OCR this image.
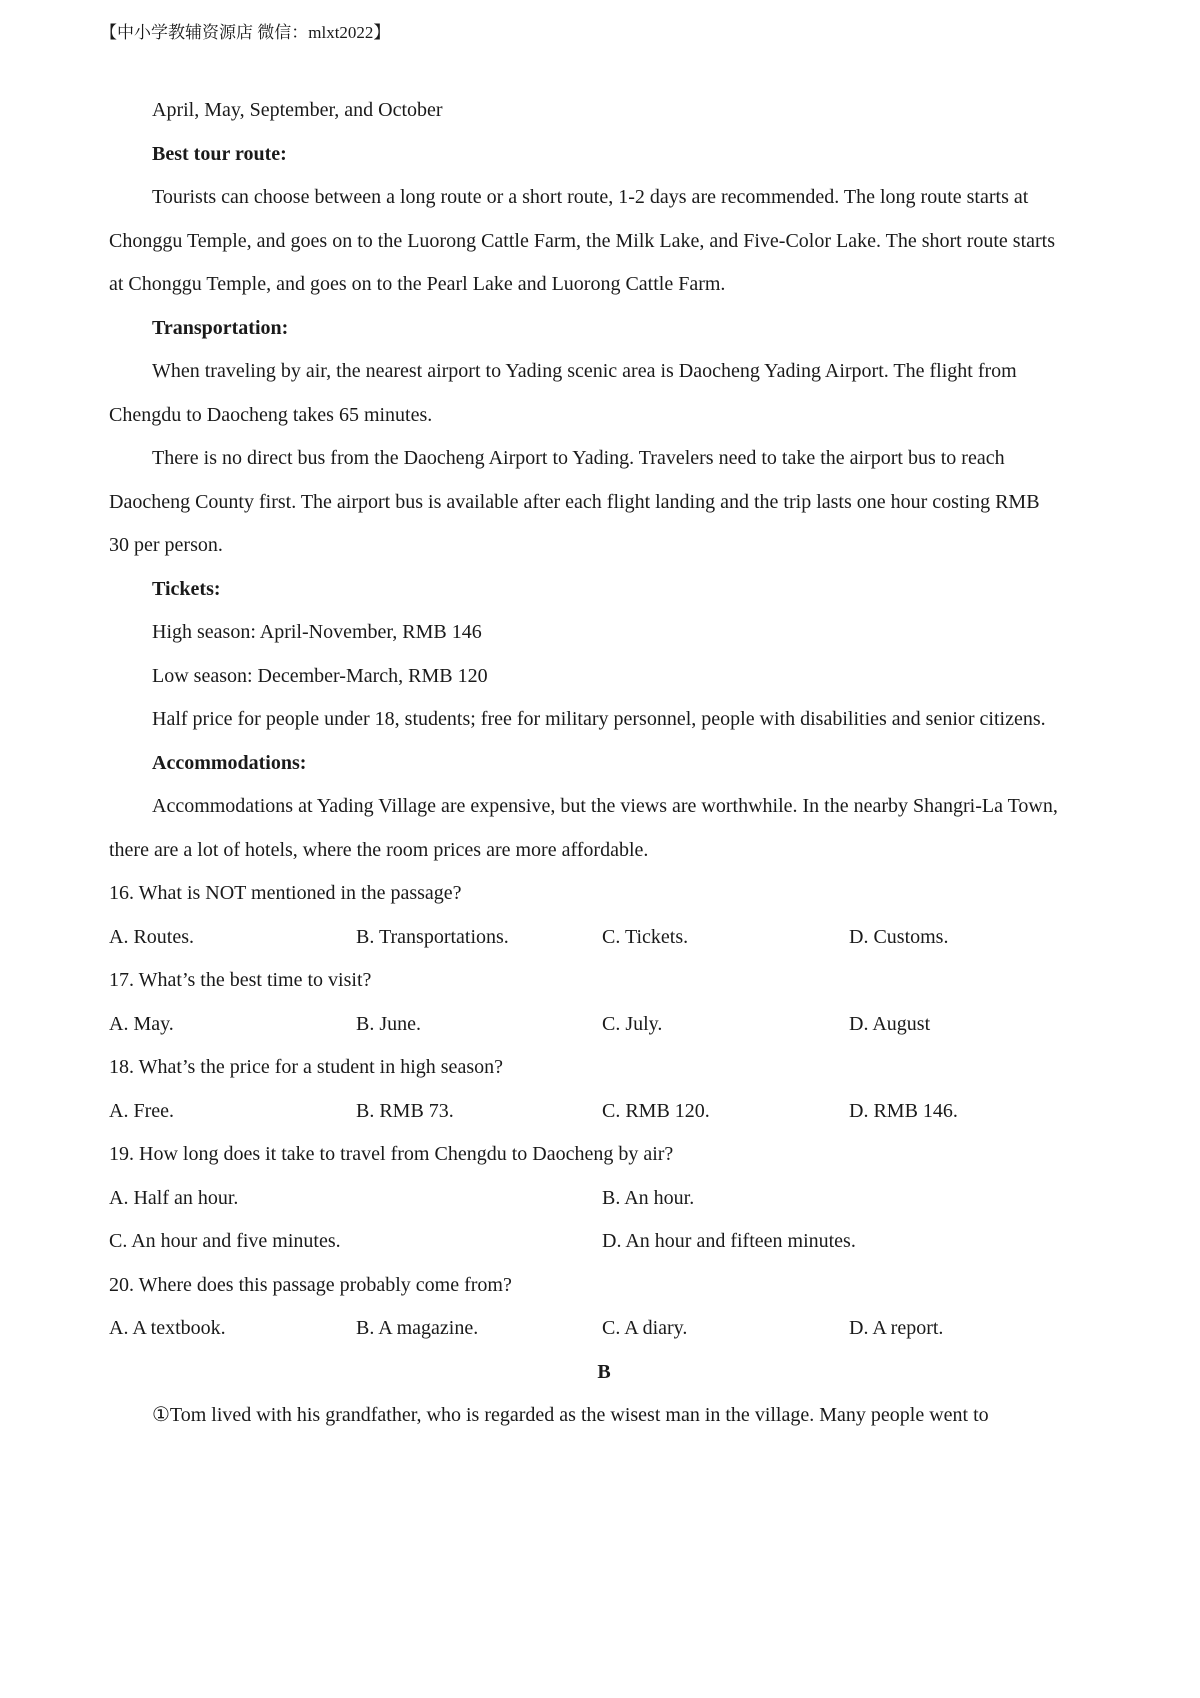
【中小学教辅资源店 微信：mlxt2022】
April, May, September, and October
Best tour route:
Tourists can choose between a long route or a short route, 1-2 days are recommended. The long route starts at
Chonggu Temple, and goes on to the Luorong Cattle Farm, the Milk Lake, and Five-Color Lake. The short route starts
at Chonggu Temple, and goes on to the Pearl Lake and Luorong Cattle Farm.
Transportation:
When traveling by air, the nearest airport to Yading scenic area is Daocheng Yading Airport. The flight from
Chengdu to Daocheng takes 65 minutes.
There is no direct bus from the Daocheng Airport to Yading. Travelers need to take the airport bus to reach
Daocheng County first. The airport bus is available after each flight landing and the trip lasts one hour costing RMB
30 per person.
Tickets:
High season: April-November, RMB 146
Low season: December-March, RMB 120
Half price for people under 18, students; free for military personnel, people with disabilities and senior citizens.
Accommodations:
Accommodations at Yading Village are expensive, but the views are worthwhile. In the nearby Shangri-La Town,
there are a lot of hotels, where the room prices are more affordable.
16. What is NOT mentioned in the passage?
A. Routes.	B. Transportations.	C. Tickets.	D. Customs.
17. What’s the best time to visit?
A. May.	B. June.	C. July.	D. August
18. What’s the price for a student in high season?
A. Free.	B. RMB 73.	C. RMB 120.	D. RMB 146.
19. How long does it take to travel from Chengdu to Daocheng by air?
A. Half an hour.	B. An hour.
C. An hour and five minutes.	D. An hour and fifteen minutes.
20. Where does this passage probably come from?
A. A textbook.	B. A magazine.	C. A diary.	D. A report.
B
①Tom lived with his grandfather, who is regarded as the wisest man in the village. Many people went to
